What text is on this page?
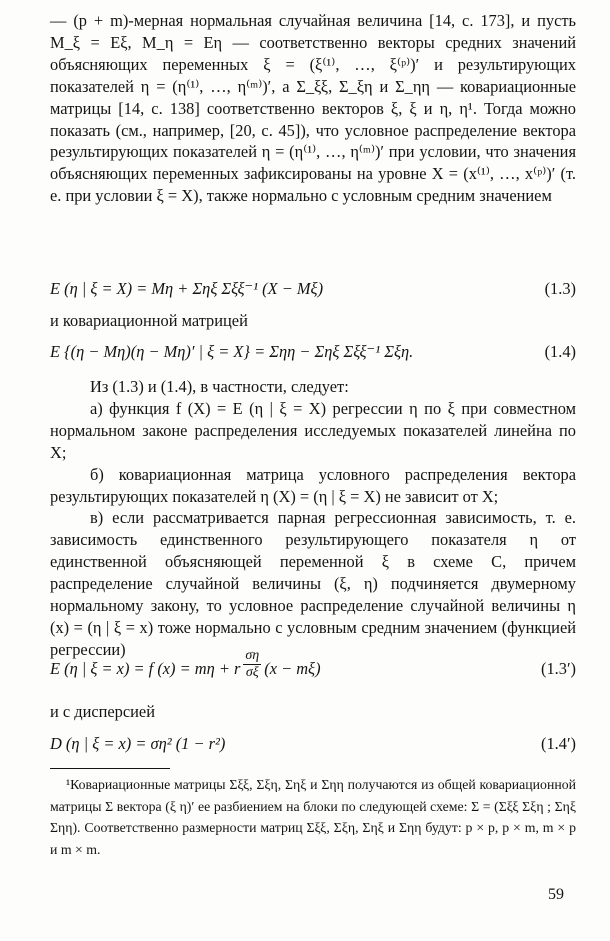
— (p + m)-мерная нормальная случайная величина [14, с. 173], и пусть M_ξ = Eξ, M_η = Eη — соответственно векторы средних значений объясняющих переменных ξ = (ξ⁽¹⁾, …, ξ⁽ᵖ⁾)′ и результирующих показателей η = (η⁽¹⁾, …, η⁽ᵐ⁾)′, а Σ_ξξ, Σ_ξη и Σ_ηη — ковариационные матрицы [14, с. 138] соответственно векторов ξ, ξ и η, η¹. Тогда можно показать (см., например, [20, с. 45]), что условное распределение вектора результирующих показателей η = (η⁽¹⁾, …, η⁽ᵐ⁾)′ при условии, что значения объясняющих переменных зафиксированы на уровне X = (x⁽¹⁾, …, x⁽ᵖ⁾)′ (т. е. при условии ξ = X), также нормально с условным средним значением

E (η | ξ = X) = Mη + Σηξ Σξξ⁻¹ (X − Mξ)	(1.3)

и ковариационной матрицей

E {(η − Mη)(η − Mη)′ | ξ = X} = Σηη − Σηξ Σξξ⁻¹ Σξη.	(1.4)

Из (1.3) и (1.4), в частности, следует:

а) функция f (X) = E (η | ξ = X) регрессии η по ξ при совместном нормальном законе распределения исследуемых показателей линейна по X;

б) ковариационная матрица условного распределения вектора результирующих показателей η (X) = (η | ξ = X) не зависит от X;

в) если рассматривается парная регрессионная зависимость, т. е. зависимость единственного результирующего показателя η от единственной объясняющей переменной ξ в схеме C, причем распределение случайной величины (ξ, η) подчиняется двумерному нормальному закону, то условное распределение случайной величины η (x) = (η | ξ = x) тоже нормально с условным средним значением (функцией регрессии)

E (η | ξ = x) = f (x) = mη + r $\frac{\sigma\eta}{\sigma\xi} (x - m\xi)$	(1.3′)

и с дисперсией

D (η | ξ = x) = ση² (1 − r²)	(1.4′)

¹Ковариационные матрицы Σξξ, Σξη, Σηξ и Σηη получаются из общей ковариационной матрицы Σ вектора (ξ η)′ ее разбиением на блоки по следующей схеме: Σ = (Σξξ Σξη ; Σηξ Σηη). Соответственно размерности матриц Σξξ, Σξη, Σηξ и Σηη будут: p × p, p × m, m × p и m × m.

59
